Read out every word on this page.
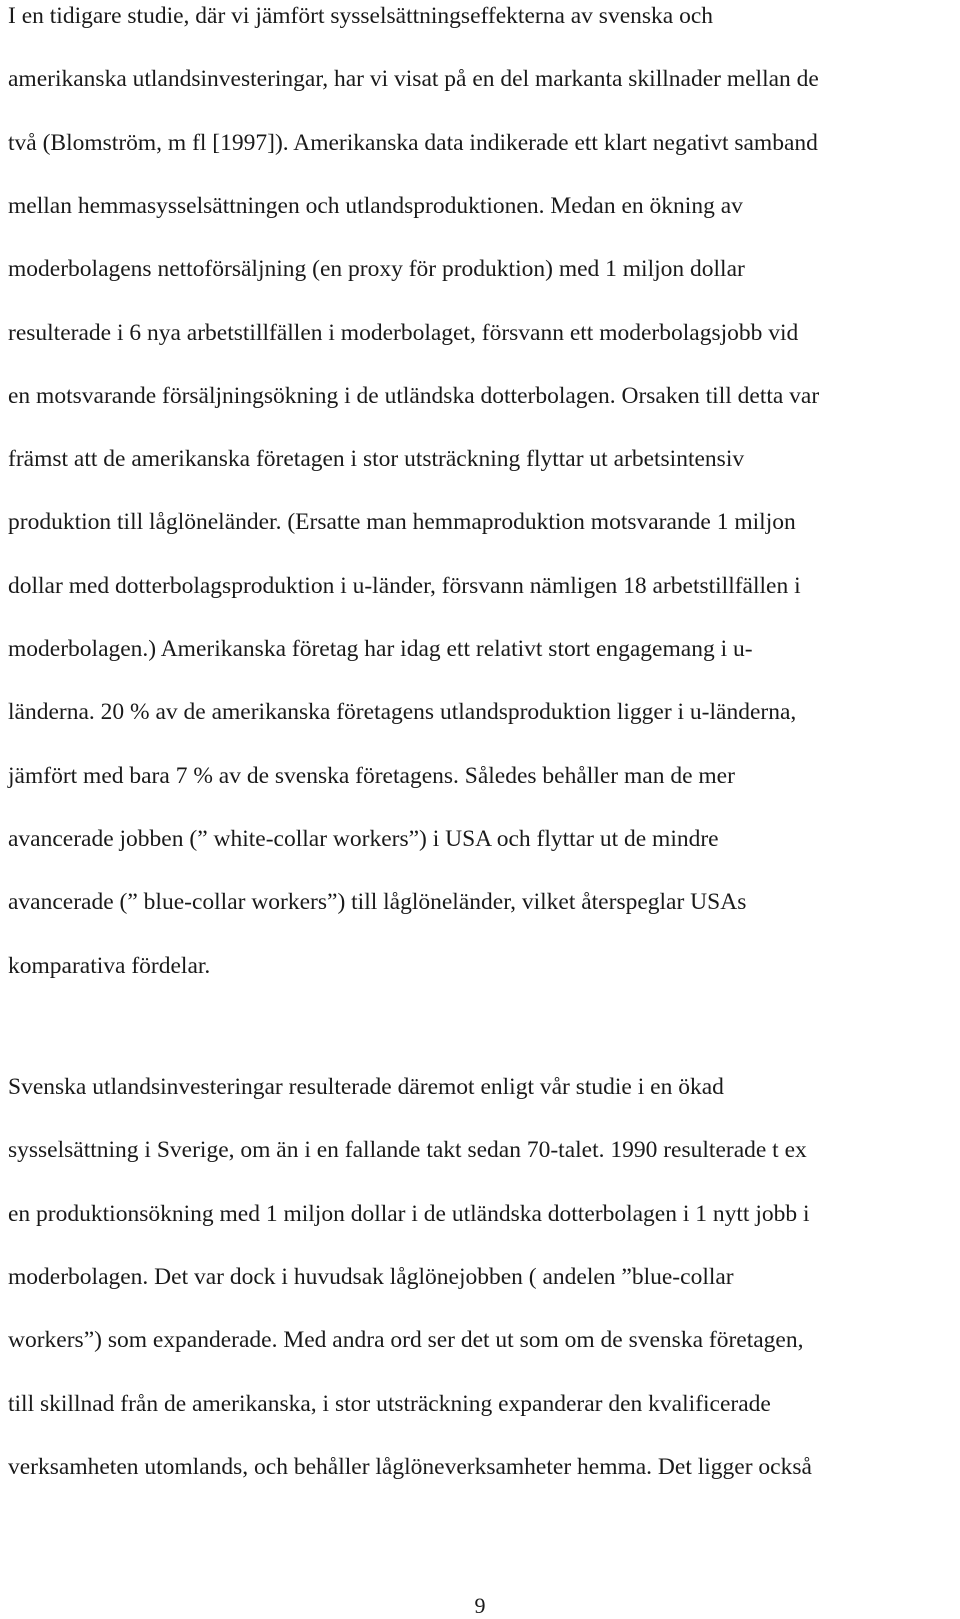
I en tidigare studie, där vi jämfört sysselsättningseffekterna av svenska och
amerikanska utlandsinvesteringar, har vi visat på en del markanta skillnader mellan de
två (Blomström, m fl [1997]). Amerikanska data indikerade ett klart negativt samband
mellan hemmasysselsättningen och utlandsproduktionen. Medan en ökning av
moderbolagens nettoförsäljning (en proxy för produktion) med 1 miljon dollar
resulterade i 6 nya arbetstillfällen i moderbolaget, försvann ett moderbolagsjobb vid
en motsvarande försäljningsökning i de utländska dotterbolagen. Orsaken till detta var
främst att de amerikanska företagen i stor utsträckning flyttar ut arbetsintensiv
produktion till låglöneländer. (Ersatte man hemmaproduktion motsvarande 1 miljon
dollar med dotterbolagsproduktion i u-länder, försvann nämligen 18 arbetstillfällen i
moderbolagen.) Amerikanska företag har idag ett relativt stort engagemang i u-
länderna. 20 % av de amerikanska företagens utlandsproduktion ligger i u-länderna,
jämfört med bara 7 % av de svenska företagens. Således behåller man de mer
avancerade jobben (” white-collar workers”) i USA och flyttar ut de mindre
avancerade (” blue-collar workers”) till låglöneländer, vilket återspeglar USAs
komparativa fördelar.
Svenska utlandsinvesteringar resulterade däremot enligt vår studie i en ökad
sysselsättning i Sverige, om än i en fallande takt sedan 70-talet. 1990 resulterade t ex
en produktionsökning med 1 miljon dollar i de utländska dotterbolagen i 1 nytt jobb i
moderbolagen. Det var dock i huvudsak låglönejobben ( andelen ”blue-collar
workers”) som expanderade. Med andra ord ser det ut som om de svenska företagen,
till skillnad från de amerikanska, i stor utsträckning expanderar den kvalificerade
verksamheten utomlands, och behåller låglöneverksamheter hemma. Det ligger också
9
